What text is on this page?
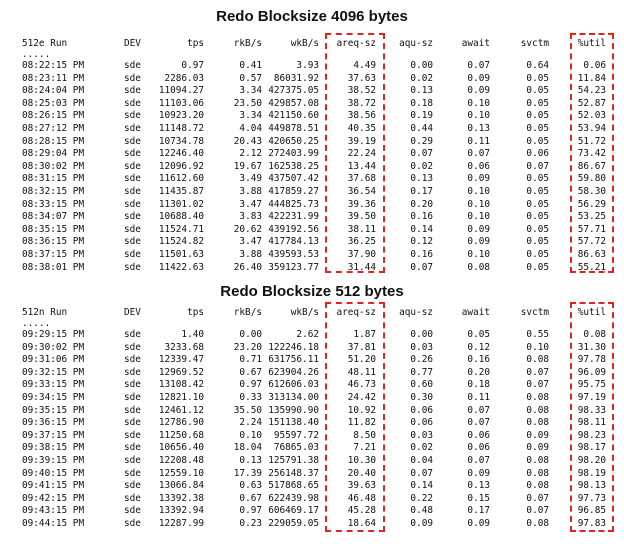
Redo Blocksize 4096 bytes
512e Run	DEV	tps	rkB/s	wkB/s areq-sz aqu-sz	await	svctm	%util
.....
08:22:15 PM	sde	0.97	0.41	3.93	4.49	0.00	0.07	0.64	0.06
08:23:11 PM	sde	2286.03	0.57 86031.92	37.63	0.02	0.09	0.05	11.84
08:24:04 PM	sde 11094.27	3.34 427375.05	38.52	0.13	0.09	0.05	54.23
08:25:03 PM	sde 11103.06	23.50 429857.08	38.72	0.18	0.10	0.05	52.87
08:26:15 PM	sde 10923.20	3.34 421150.60	38.56	0.19	0.10	0.05	52.03
08:27:12 PM	sde 11148.72	4.04 449878.51	40.35	0.44	0.13	0.05	53.94
08:28:15 PM	sde 10734.78	20.43 420650.25	39.19	0.29	0.11	0.05	51.72
08:29:04 PM	sde 12246.40	2.12 272403.99	22.24	0.07	0.07	0.06	73.42
08:30:02 PM	sde 12096.92	19.67 162538.25	13.44	0.02	0.06	0.07	86.67
08:31:15 PM	sde 11612.60	3.49 437507.42	37.68	0.13	0.09	0.05	59.80
08:32:15 PM	sde 11435.87	3.88 417859.27	36.54	0.17	0.10	0.05	58.30
08:33:15 PM	sde 11301.02	3.47 444825.73	39.36	0.20	0.10	0.05	56.29
08:34:07 PM	sde 10688.40	3.83 422231.99	39.50	0.16	0.10	0.05	53.25
08:35:15 PM	sde 11524.71	20.62 439192.56	38.11	0.14	0.09	0.05	57.71
08:36:15 PM	sde 11524.82	3.47 417784.13	36.25	0.12	0.09	0.05	57.72
08:37:15 PM	sde 11501.63	3.88 439593.53	37.90	0.16	0.10	0.05	86.63
08:38:01 PM	sde 11422.63	26.40 359123.77	31.44	0.07	0.08	0.05	55.21
Redo Blocksize 512 bytes
512n Run	DEV	tps	rkB/s	wkB/s areq-sz aqu-sz	await	svctm	%util
.....
09:29:15 PM	sde	1.40	0.00	2.62	1.87	0.00	0.05	0.55	0.08
09:30:02 PM	sde	3233.68	23.20 122246.18	37.81	0.03	0.12	0.10	31.30
09:31:06 PM	sde 12339.47	0.71 631756.11	51.20	0.26	0.16	0.08	97.78
09:32:15 PM	sde 12969.52	0.67 623904.26	48.11	0.77	0.20	0.07	96.09
09:33:15 PM	sde 13108.42	0.97 612606.03	46.73	0.60	0.18	0.07	95.75
09:34:15 PM	sde 12821.10	0.33 313134.00	24.42	0.30	0.11	0.08	97.19
09:35:15 PM	sde 12461.12	35.50 135990.90	10.92	0.06	0.07	0.08	98.33
09:36:15 PM	sde 12786.90	2.24 151138.40	11.82	0.06	0.07	0.08	98.11
09:37:15 PM	sde 11250.68	0.10 95597.72	8.50	0.03	0.06	0.09	98.23
09:38:15 PM	sde 10656.40	18.04 76865.03	7.21	0.02	0.06	0.09	98.17
09:39:15 PM	sde 12208.48	0.13 125791.38	10.30	0.04	0.07	0.08	98.20
09:40:15 PM	sde 12559.10	17.39 256148.37	20.40	0.07	0.09	0.08	98.19
09:41:15 PM	sde 13066.84	0.63 517868.65	39.63	0.14	0.13	0.08	98.13
09:42:15 PM	sde 13392.38	0.67 622439.98	46.48	0.22	0.15	0.07	97.73
09:43:15 PM	sde 13392.94	0.97 606469.17	45.28	0.48	0.17	0.07	96.85
09:44:15 PM	sde 12287.99	0.23 229059.05	18.64	0.09	0.09	0.08	97.83
